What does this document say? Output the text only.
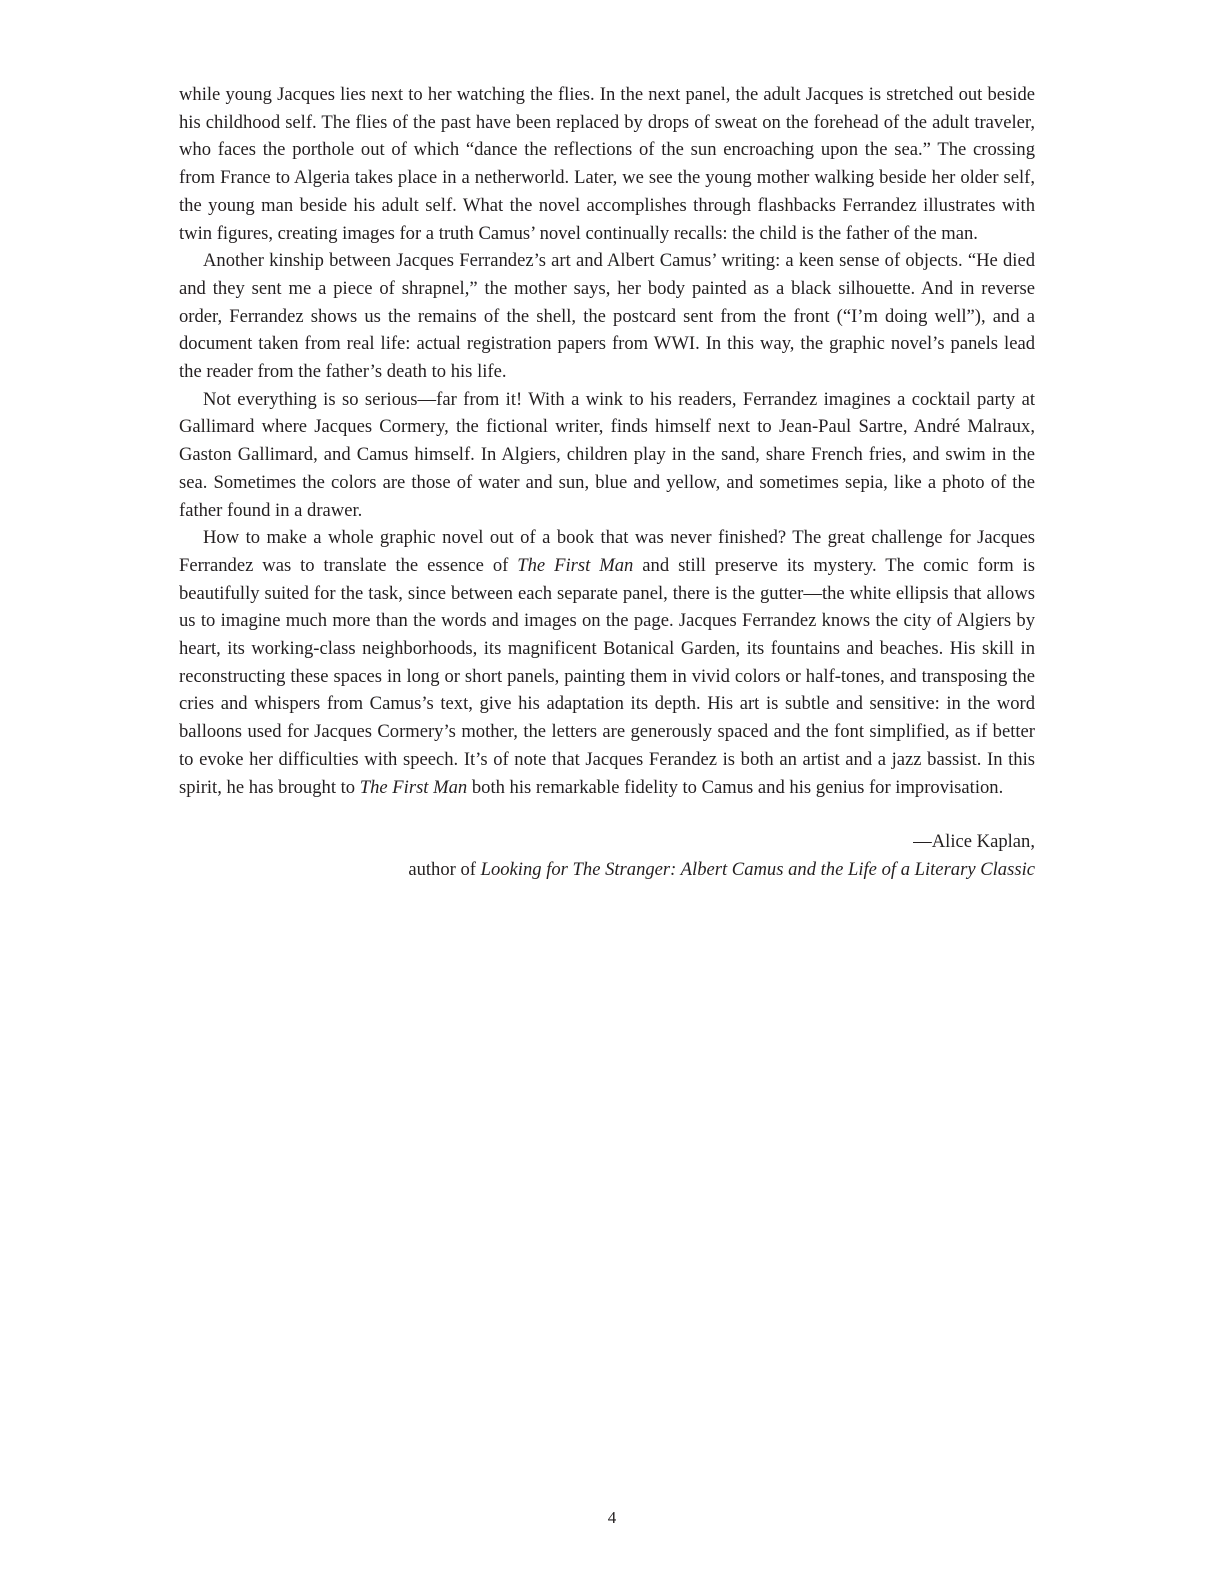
while young Jacques lies next to her watching the flies. In the next panel, the adult Jacques is stretched out beside his childhood self. The flies of the past have been replaced by drops of sweat on the forehead of the adult traveler, who faces the porthole out of which “dance the reflections of the sun encroaching upon the sea.” The crossing from France to Algeria takes place in a netherworld. Later, we see the young mother walking beside her older self, the young man beside his adult self. What the novel accomplishes through flashbacks Ferrandez illustrates with twin figures, creating images for a truth Camus’ novel continually recalls: the child is the father of the man.

Another kinship between Jacques Ferrandez’s art and Albert Camus’ writing: a keen sense of objects. “He died and they sent me a piece of shrapnel,” the mother says, her body painted as a black silhouette. And in reverse order, Ferrandez shows us the remains of the shell, the postcard sent from the front (“I’m doing well”), and a document taken from real life: actual registration papers from WWI. In this way, the graphic novel’s panels lead the reader from the father’s death to his life.

Not everything is so serious—far from it! With a wink to his readers, Ferrandez imagines a cocktail party at Gallimard where Jacques Cormery, the fictional writer, finds himself next to Jean-Paul Sartre, André Malraux, Gaston Gallimard, and Camus himself. In Algiers, children play in the sand, share French fries, and swim in the sea. Sometimes the colors are those of water and sun, blue and yellow, and sometimes sepia, like a photo of the father found in a drawer.

How to make a whole graphic novel out of a book that was never finished? The great challenge for Jacques Ferrandez was to translate the essence of The First Man and still preserve its mystery. The comic form is beautifully suited for the task, since between each separate panel, there is the gutter—the white ellipsis that allows us to imagine much more than the words and images on the page. Jacques Ferrandez knows the city of Algiers by heart, its working-class neighborhoods, its magnificent Botanical Garden, its fountains and beaches. His skill in reconstructing these spaces in long or short panels, painting them in vivid colors or half-tones, and transposing the cries and whispers from Camus’s text, give his adaptation its depth. His art is subtle and sensitive: in the word balloons used for Jacques Cormery’s mother, the letters are generously spaced and the font simplified, as if better to evoke her difficulties with speech. It’s of note that Jacques Ferandez is both an artist and a jazz bassist. In this spirit, he has brought to The First Man both his remarkable fidelity to Camus and his genius for improvisation.

—Alice Kaplan,
author of Looking for The Stranger: Albert Camus and the Life of a Literary Classic
4
